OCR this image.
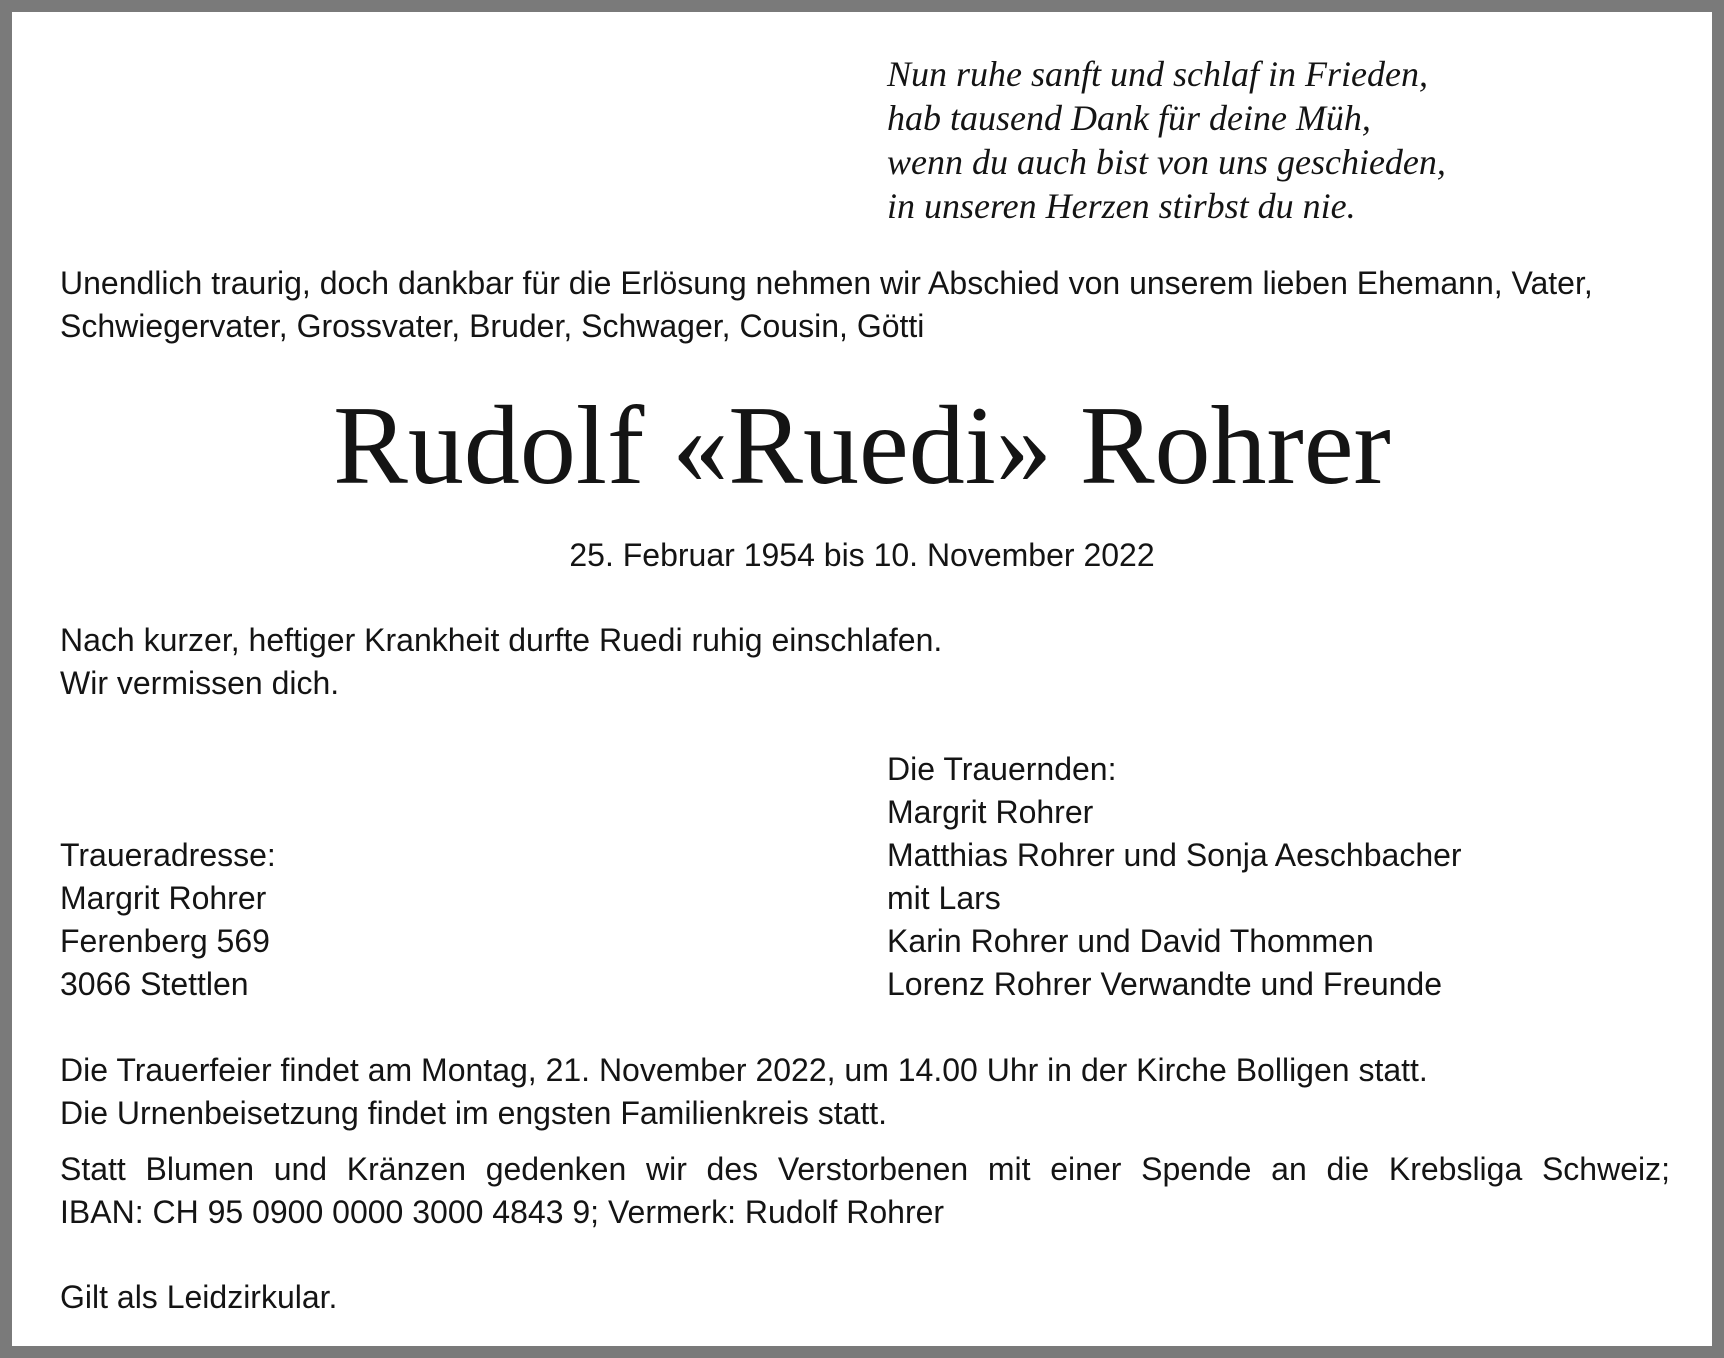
Nun ruhe sanft und schlaf in Frieden,
hab tausend Dank für deine Müh,
wenn du auch bist von uns geschieden,
in unseren Herzen stirbst du nie.
Unendlich traurig, doch dankbar für die Erlösung nehmen wir Abschied von unserem lieben Ehemann, Vater, Schwiegervater, Grossvater, Bruder, Schwager, Cousin, Götti
Rudolf «Ruedi» Rohrer
25. Februar 1954 bis 10. November 2022
Nach kurzer, heftiger Krankheit durfte Ruedi ruhig einschlafen.
Wir vermissen dich.
Traueradresse:
Margrit Rohrer
Ferenberg 569
3066 Stettlen
Die Trauernden:
Margrit Rohrer
Matthias Rohrer und Sonja Aeschbacher
mit Lars
Karin Rohrer und David Thommen
Lorenz Rohrer Verwandte und Freunde
Die Trauerfeier findet am Montag, 21. November 2022, um 14.00 Uhr in der Kirche Bolligen statt.
Die Urnenbeisetzung findet im engsten Familienkreis statt.
Statt Blumen und Kränzen gedenken wir des Verstorbenen mit einer Spende an die Krebsliga Schweiz;
IBAN: CH 95 0900 0000 3000 4843 9; Vermerk: Rudolf Rohrer
Gilt als Leidzirkular.
